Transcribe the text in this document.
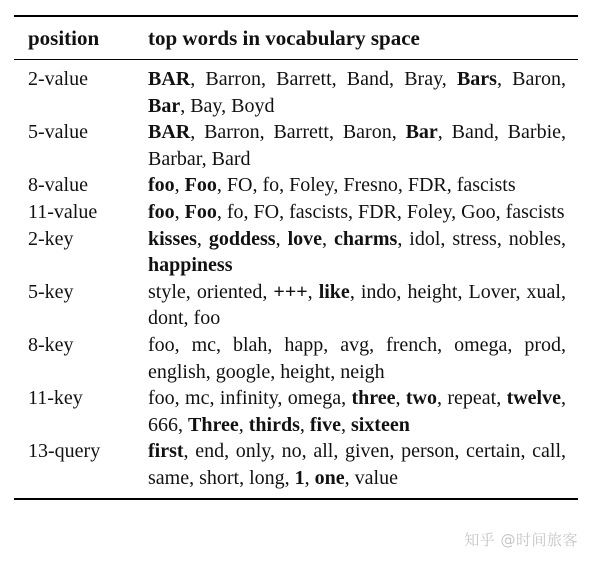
position	top words in vocabulary space
2-value	BAR, Barron, Barrett, Band, Bray, Bars, Baron, Bar, Bay, Boyd
5-value	BAR, Barron, Barrett, Baron, Bar, Band, Barbie, Barbar, Bard
8-value	foo, Foo, FO, fo, Foley, Fresno, FDR, fascists
11-value	foo, Foo, fo, FO, fascists, FDR, Foley, Goo, fascists
2-key	kisses, goddess, love, charms, idol, stress, nobles, happiness
5-key	style, oriented, +++, like, indo, height, Lover, xual, dont, foo
8-key	foo, mc, blah, happ, avg, french, omega, prod, english, google, height, neigh
11-key	foo, mc, infinity, omega, three, two, repeat, twelve, 666, Three, thirds, five, sixteen
13-query	first, end, only, no, all, given, person, certain, call, same, short, long, 1, one, value
知乎 @时间旅客
